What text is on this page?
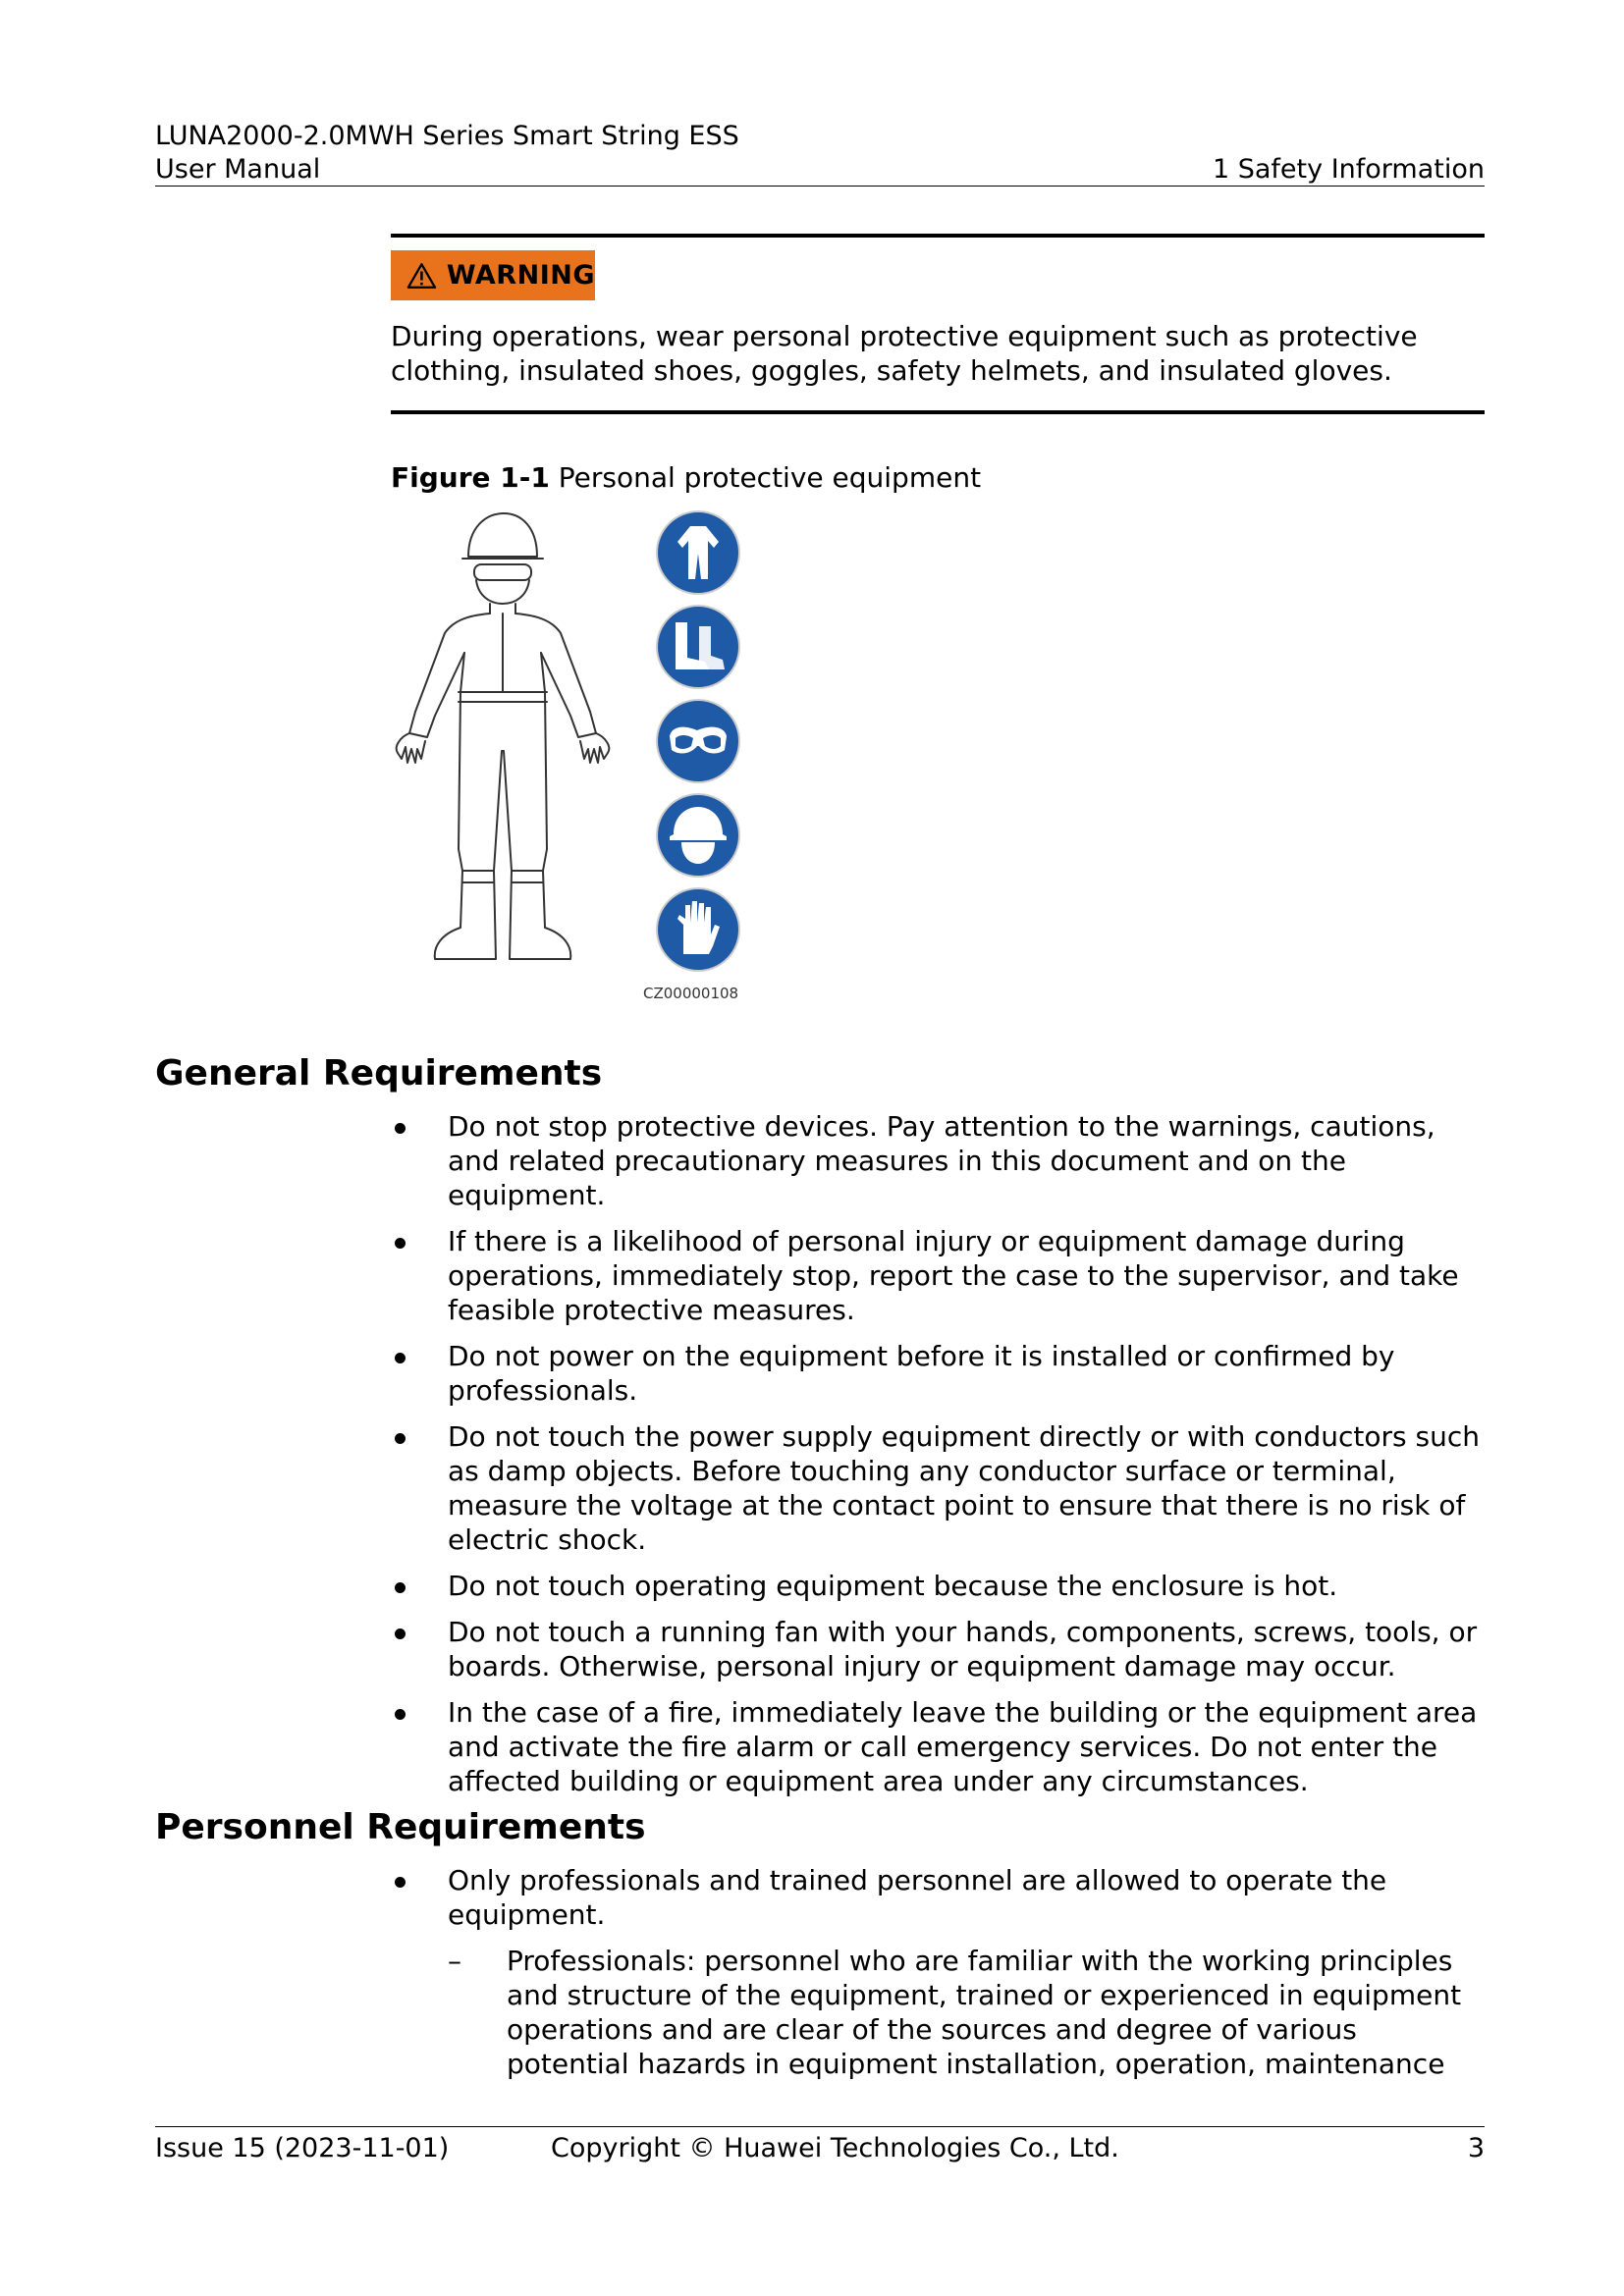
LUNA2000-2.0MWH Series Smart String ESS
User Manual	1 Safety Information
WARNING
During operations, wear personal protective equipment such as protective clothing, insulated shoes, goggles, safety helmets, and insulated gloves.
Figure 1-1 Personal protective equipment
CZ00000108
General Requirements
Do not stop protective devices. Pay attention to the warnings, cautions, and related precautionary measures in this document and on the equipment.
If there is a likelihood of personal injury or equipment damage during operations, immediately stop, report the case to the supervisor, and take feasible protective measures.
Do not power on the equipment before it is installed or confirmed by professionals.
Do not touch the power supply equipment directly or with conductors such as damp objects. Before touching any conductor surface or terminal, measure the voltage at the contact point to ensure that there is no risk of electric shock.
Do not touch operating equipment because the enclosure is hot.
Do not touch a running fan with your hands, components, screws, tools, or boards. Otherwise, personal injury or equipment damage may occur.
In the case of a fire, immediately leave the building or the equipment area and activate the fire alarm or call emergency services. Do not enter the affected building or equipment area under any circumstances.
Personnel Requirements
Only professionals and trained personnel are allowed to operate the equipment.
– Professionals: personnel who are familiar with the working principles and structure of the equipment, trained or experienced in equipment operations and are clear of the sources and degree of various potential hazards in equipment installation, operation, maintenance
Issue 15 (2023-11-01)	Copyright © Huawei Technologies Co., Ltd.	3
